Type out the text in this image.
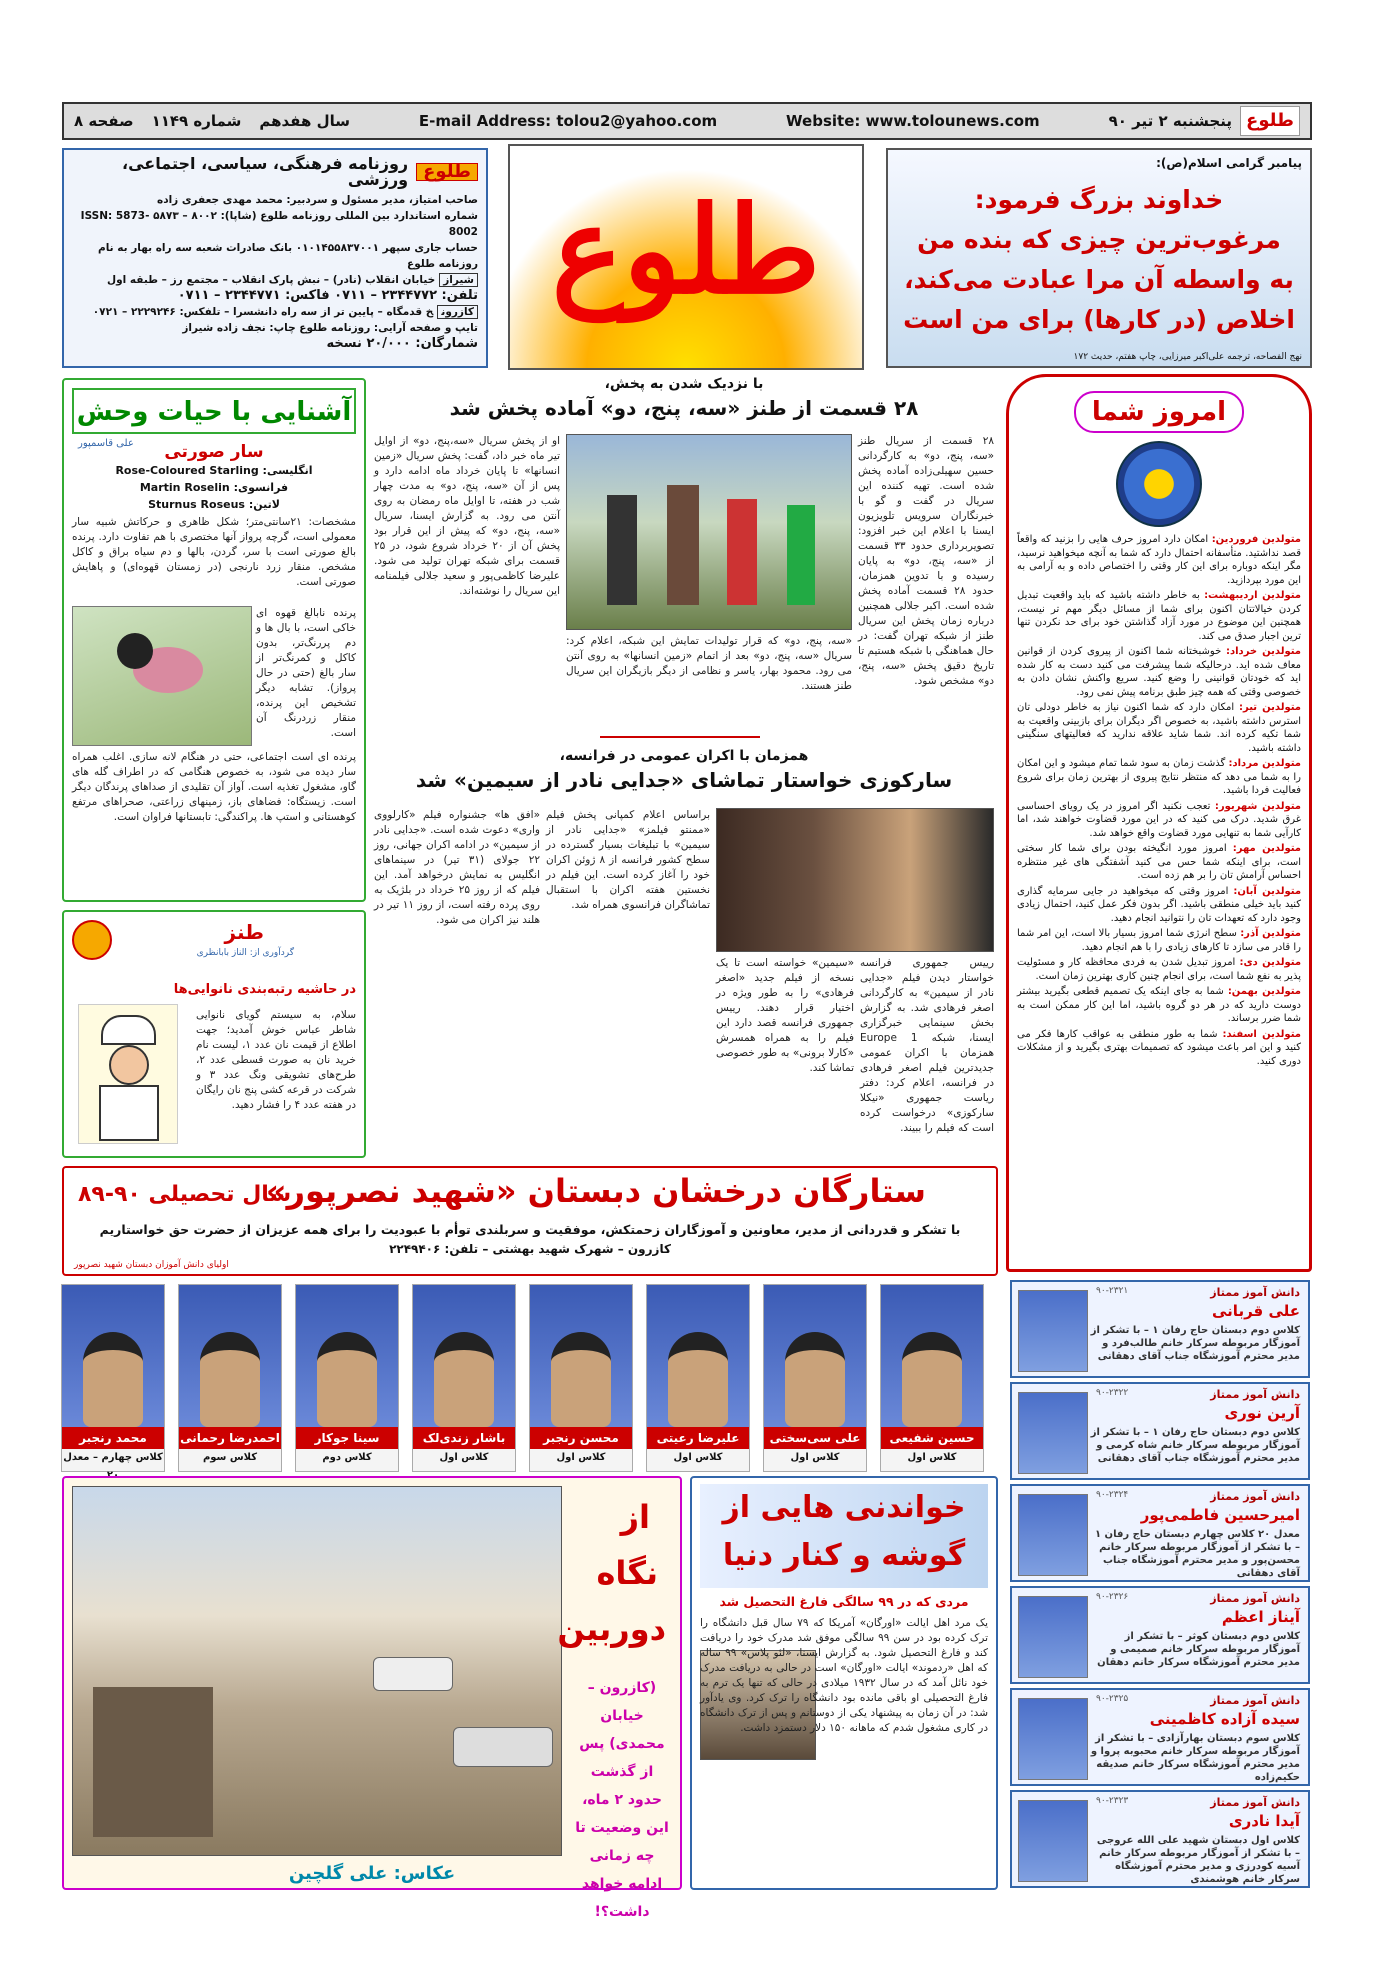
طلوع
پنجشنبه ۲ تیر ۹۰
Website: www.tolounews.com
E-mail Address: tolou2@yahoo.com
سال هفدهم
شماره ۱۱۴۹
صفحه ۸
پیامبر گرامی اسلام(ص):
خداوند بزرگ فرمود: مرغوب‌ترین چیزی که بنده من به واسطه آن مرا عبادت می‌کند، اخلاص (در کارها) برای من است
نهج الفصاحه، ترجمه علی‌اکبر میرزایی، چاپ هفتم، حدیث ۱۷۲
طلوع
طلوع
روزنامه فرهنگی، سیاسی، اجتماعی، ورزشی
صاحب امتیاز، مدیر مسئول و سردبیر: محمد مهدی جعفری زاده
شماره استاندارد بین المللی روزنامه طلوع (شاپا): ۸۰۰۲ – ۵۸۷۳ ISSN: 5873-8002
حساب جاری سپهر ۰۱۰۱۴۵۵۸۳۷۰۰۱ بانک صادرات شعبه سه راه بهار به نام روزنامه طلوع
شیرازخیابان انقلاب (نادر) – نبش پارک انقلاب – مجتمع رز – طبقه اول
تلفن: ۲۳۴۴۷۷۲ – ۰۷۱۱ فاکس: ۲۳۴۴۷۷۱ – ۰۷۱۱
کازرونخ قدمگاه – پایین تر از سه راه دانشسرا – تلفکس: ۲۲۲۹۲۴۶ – ۰۷۲۱
تایپ و صفحه آرایی: روزنامه طلوع چاپ: نجف زاده شیراز
شمارگان: ۲۰/۰۰۰ نسخه
امروز شما

متولدین فروردین: امکان دارد امروز حرف هایی را بزنید که واقعاً قصد نداشتید. متأسفانه احتمال دارد که شما به آنچه میخواهید نرسید، مگر اینکه دوباره برای این کار وقتی را اختصاص داده و به آرامی به این مورد بپردازید.

متولدین اردیبهشت: به خاطر داشته باشید که باید واقعیت تبدیل کردن خیالاتتان اکنون برای شما از مسائل دیگر مهم تر نیست، همچنین این موضوع در مورد آزاد گذاشتن خود برای حد نکردن تنها ترین اجبار صدق می کند.

متولدین خرداد: خوشبختانه شما اکنون از پیروی کردن از قوانین معاف شده اید. درحالیکه شما پیشرفت می کنید دست به کار شده اید که خودتان قوانینی را وضع کنید. سریع واکنش نشان دادن به خصوصی وقتی که همه چیز طبق برنامه پیش نمی رود.

متولدین تیر: امکان دارد که شما اکنون نیاز به خاطر دودلی تان استرس داشته باشید، به خصوص اگر دیگران برای بازبینی واقعیت به شما تکیه کرده اند. شما شاید علاقه ندارید که فعالیتهای سنگینی داشته باشید.

متولدین مرداد: گذشت زمان به سود شما تمام میشود و این امکان را به شما می دهد که منتظر نتایج پیروی از بهترین زمان برای شروع فعالیت فردا باشید.

متولدین شهریور: تعجب نکنید اگر امروز در یک رویای احساسی غرق شدید. درک می کنید که در این مورد قضاوت خواهند شد، اما کارآیی شما به تنهایی مورد قضاوت واقع خواهد شد.

متولدین مهر: امروز مورد انگیخته بودن برای شما کار سختی است، برای اینکه شما حس می کنید آشفتگی های غیر منتظره احساس آرامش تان را بر هم زده است.

متولدین آبان: امروز وقتی که میخواهید در جایی سرمایه گذاری کنید باید خیلی منطقی باشید. اگر بدون فکر عمل کنید، احتمال زیادی وجود دارد که تعهدات تان را نتوانید انجام دهید.

متولدین آذر: سطح انرژی شما امروز بسیار بالا است، این امر شما را قادر می سازد تا کارهای زیادی را با هم انجام دهید.

متولدین دی: امروز تبدیل شدن به فردی محافظه کار و مسئولیت پذیر به نفع شما است، برای انجام چنین کاری بهترین زمان است.

متولدین بهمن: شما به جای اینکه یک تصمیم قطعی بگیرید بیشتر دوست دارید که در هر دو گروه باشید، اما این کار ممکن است به شما ضرر برساند.

متولدین اسفند: شما به طور منطقی به عواقب کارها فکر می کنید و این امر باعث میشود که تصمیمات بهتری بگیرید و از مشکلات دوری کنید.

آشنایی با حیات وحش
علی قاسمپور	سار صورتی
انگلیسی: Rose-Coloured Starling
فرانسوی: Martin Roselin
لاتین: Sturnus Roseus
مشخصات: ۲۱سانتی‌متر؛ شکل ظاهری و حرکاتش شبیه سار معمولی است، گرچه پرواز آنها مختصری با هم تفاوت دارد. پرنده بالغ صورتی است با سر، گردن، بالها و دم سیاه براق و کاکل مشخص. منقار زرد نارنجی (در زمستان قهوه‌ای) و پاهایش صورتی است.
پرنده نابالغ قهوه ای خاکی است، با بال ها و دم پررنگ‌تر، بدون کاکل و کمرنگ‌تر از سار بالغ (حتی در حال پرواز). تشابه دیگر تشخیص این پرنده، منقار زردرنگ آن است.
پرنده ای است اجتماعی، حتی در هنگام لانه سازی. اغلب همراه سار دیده می شود، به خصوص هنگامی که در اطراف گله های گاو، مشغول تغذیه است. آواز آن تقلیدی از صداهای پرندگان دیگر است. زیستگاه: فضاهای باز، زمینهای زراعتی، صحراهای مرتفع کوهستانی و استپ ها. پراکندگی: تابستانها فراوان است.
طنز
گردآوری از: الناز بابانظری
در حاشیه رتبه‌بندی نانوایی‌ها
سلام، به سیستم گویای نانوایی شاطر عباس خوش آمدید؛ جهت اطلاع از قیمت نان عدد ۱، لیست نام خرید نان به صورت قسطی عدد ۲، طرح‌های تشویقی ونگ عدد ۳ و شرکت در قرعه کشی پنج نان رایگان در هفته عدد ۴ را فشار دهید.
با نزدیک شدن به پخش،
۲۸ قسمت از طنز «سه، پنج، دو» آماده پخش شد
۲۸ قسمت از سریال طنز «سه، پنج، دو» به کارگردانی حسین سهیلی‌زاده آماده پخش شده است. تهیه کننده این سریال در گفت و گو با خبرنگاران سرویس تلویزیون ایسنا با اعلام این خبر افزود: تصویربرداری حدود ۳۳ قسمت از «سه، پنج، دو» به پایان رسیده و با تدوین همزمان، حدود ۲۸ قسمت آماده پخش شده است. اکبر جلالی همچنین درباره زمان پخش این سریال طنز از شبکه تهران گفت: در حال هماهنگی با شبکه هستیم تا تاریخ دقیق پخش «سه، پنج، دو» مشخص شود.
«سه، پنج، دو» که قرار تولیدات تمایش این شبکه، اعلام کرد: سریال «سه، پنج، دو» بعد از اتمام «زمین انسانها» به روی آنتن می رود. محمود بهار، یاسر و نظامی از دیگر بازیگران این سریال طنز هستند.
او از پخش سریال «سه،پنج، دو» از اوایل تیر ماه خبر داد، گفت: پخش سریال «زمین انسانها» تا پایان خرداد ماه ادامه دارد و پس از آن «سه، پنج، دو» به مدت چهار شب در هفته، تا اوایل ماه رمضان به روی آنتن می رود. به گزارش ایسنا، سریال «سه، پنج، دو» که پیش از این قرار بود پخش آن از ۲۰ خرداد شروع شود، در ۲۵ قسمت برای شبکه تهران تولید می شود. علیرضا کاظمی‌پور و سعید جلالی فیلمنامه این سریال را نوشته‌اند.
همزمان با اکران عمومی در فرانسه،
سارکوزی خواستار تماشای «جدایی نادر از سیمین» شد
رییس جمهوری فرانسه خواستار دیدن فیلم «جدایی نادر از سیمین» به کارگردانی اصغر فرهادی شد. به گزارش بخش سینمایی خبرگزاری ایسنا، شبکه Europe 1 همزمان با اکران عمومی جدیدترین فیلم اصغر فرهادی در فرانسه، اعلام کرد: دفتر ریاست جمهوری «نیکلا سارکوزی» درخواست کرده است که فیلم را ببیند.
«سیمین» خواسته است تا یک نسخه از فیلم جدید «اصغر فرهادی» را به طور ویژه در اختیار قرار دهند. رییس جمهوری فرانسه قصد دارد این فیلم را به همراه همسرش «کارلا برونی» به طور خصوصی تماشا کند.
براساس اعلام کمپانی پخش فیلم «ممنتو فیلمز» «جدایی نادر از سیمین» با تبلیغات بسیار گسترده در سطح کشور فرانسه از ۸ ژوئن اکران خود را آغاز کرده است. این فیلم در نخستین هفته اکران با استقبال تماشاگران فرانسوی همراه شد.
«افق ها» جشنواره فیلم «کارلووی واری» دعوت شده است. «جدایی نادر از سیمین» در ادامه اکران جهانی، روز ۲۲ جولای (۳۱ تیر) در سینماهای انگلیس به نمایش درخواهد آمد. این فیلم که از روز ۲۵ خرداد در بلژیک به روی پرده رفته است، از روز ۱۱ تیر در هلند نیز اکران می شود.
ستارگان درخشان دبستان «شهید نصرپور»
سال تحصیلی ۹۰-۸۹
با تشکر و قدردانی از مدیر، معاونین و آموزگاران زحمتکش، موفقیت و سربلندی توأم با عبودیت را برای همه عزیزان از حضرت حق خواستاریم
کازرون – شهرک شهید بهشتی – تلفن: ۲۲۴۹۴۰۶
اولیای دانش آموزان دبستان شهید نصرپور
حسین شفیعی
کلاس اول
علی سی‌سختی
کلاس اول
علیرضا رعیتی
کلاس اول
محسن رنجبر
کلاس اول
باشار زندی‌لک
کلاس اول
سینا جوکار
کلاس دوم
احمدرضا رحمانی
کلاس سوم
محمد رنجبر
کلاس چهارم – معدل
۹۰-۲۳۲۱	دانش آموز ممتاز
علی قربانی
کلاس دوم دبستان حاج رفان ۱ – با تشکر از آموزگار مربوطه سرکار خانم طالب‌فرد و مدیر محترم آموزشگاه جناب آقای دهقانی
۹۰-۲۳۲۲	دانش آموز ممتاز
آرین نوری
کلاس دوم دبستان حاج رفان ۱ – با تشکر از آموزگار مربوطه سرکار خانم شاه کرمی و مدیر محترم آموزشگاه جناب آقای دهقانی
۹۰-۲۳۲۴	دانش آموز ممتاز
امیرحسین فاطمی‌پور
معدل ۲۰ کلاس چهارم دبستان حاج رفان ۱ – با تشکر از آموزگار مربوطه سرکار خانم محسن‌پور و مدیر محترم آموزشگاه جناب آقای دهقانی
۹۰-۲۳۲۶	دانش آموز ممتاز
آیناز اعظم
کلاس دوم دبستان کوثر – با تشکر از آموزگار مربوطه سرکار خانم صمیمی و مدیر محترم آموزشگاه سرکار خانم دهقان
۹۰-۲۳۲۵	دانش آموز ممتاز
سیده آزاده کاظمینی
کلاس سوم دبستان بهارآزادی – با تشکر از آموزگار مربوطه سرکار خانم محبوبه پروا و مدیر محترم آموزشگاه سرکار خانم صدیقه حکیم‌زاده
۹۰-۲۳۲۳	دانش آموز ممتاز
آیدا نادری
کلاس اول دبستان شهید علی الله عروجی – با تشکر از آموزگار مربوطه سرکار خانم آسیه کودرزی و مدیر محترم آموزشگاه سرکار خانم هوشمندی
از
نگاه
دوربین
(کازرون – خیابان محمدی) پس از گذشت حدود ۲ ماه، این وضعیت تا چه زمانی ادامه خواهد داشت؟!
عکاس: علی گلچین
خواندنی هایی از گوشه و کنار دنیا
مردی که در ۹۹ سالگی فارغ التحصیل شد
یک مرد اهل ایالت «اورگان» آمریکا که ۷۹ سال قبل دانشگاه را ترک کرده بود در سن ۹۹ سالگی موفق شد مدرک خود را دریافت کند و فارغ التحصیل شود. به گزارش ایسنا، «لئو پلاس» ۹۹ ساله که اهل «ردموند» ایالت «اورگان» است در حالی به دریافت مدرک خود نائل آمد که در سال ۱۹۳۲ میلادی در حالی که تنها یک ترم به فارغ التحصیلی او باقی مانده بود دانشگاه را ترک کرد. وی یادآور شد: در آن زمان به پیشنهاد یکی از دوستانم و پس از ترک دانشگاه در کاری مشغول شدم که ماهانه ۱۵۰ دلار دستمزد داشت.
